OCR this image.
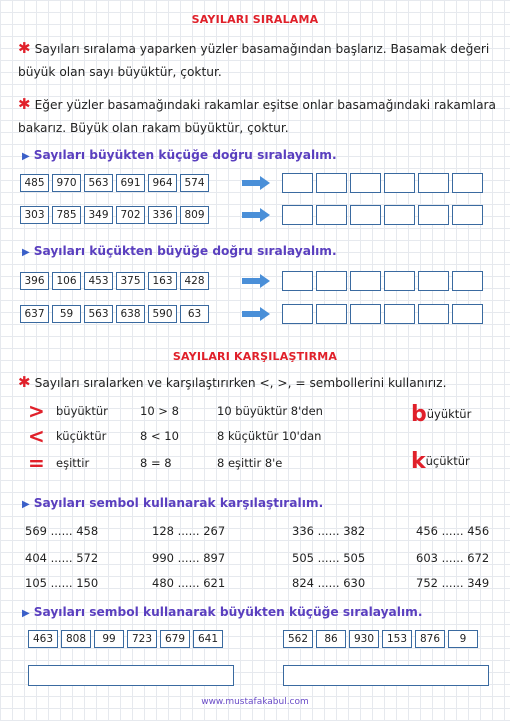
SAYILARI SIRALAMA
✱ Sayıları sıralama yaparken yüzler basamağından başlarız. Basamak değeri
büyük olan sayı büyüktür, çoktur.
✱ Eğer yüzler basamağındaki rakamlar eşitse onlar basamağındaki rakamlara
bakarız. Büyük olan rakam büyüktür, çoktur.
▶ Sayıları büyükten küçüğe doğru sıralayalım.
485	970	563	691	964	574
303	785	349	702	336	809
▶ Sayıları küçükten büyüğe doğru sıralayalım.
396	106	453	375	163	428
637	59	563	638	590	63
SAYILARI KARŞILAŞTIRMA
✱ Sayıları sıralarken ve karşılaştırırken <, >, = sembollerini kullanırız.
> büyüktür	10 > 8	10 büyüktür 8'den
< küçüktür	8 < 10	8 küçüktür 10'dan
= eşittir	8 = 8	8 eşittir 8'e
büyüktür
küçüktür
▶ Sayıları sembol kullanarak karşılaştıralım.
569 ...... 458	128 ...... 267	336 ...... 382	456 ...... 456
404 ...... 572	990 ...... 897	505 ...... 505	603 ...... 672
105 ...... 150	480 ...... 621	824 ...... 630	752 ...... 349
▶ Sayıları sembol kullanarak büyükten küçüğe sıralayalım.
463	808	99	723	679	641	562	86	930	153	876	9
www.mustafakabul.com
